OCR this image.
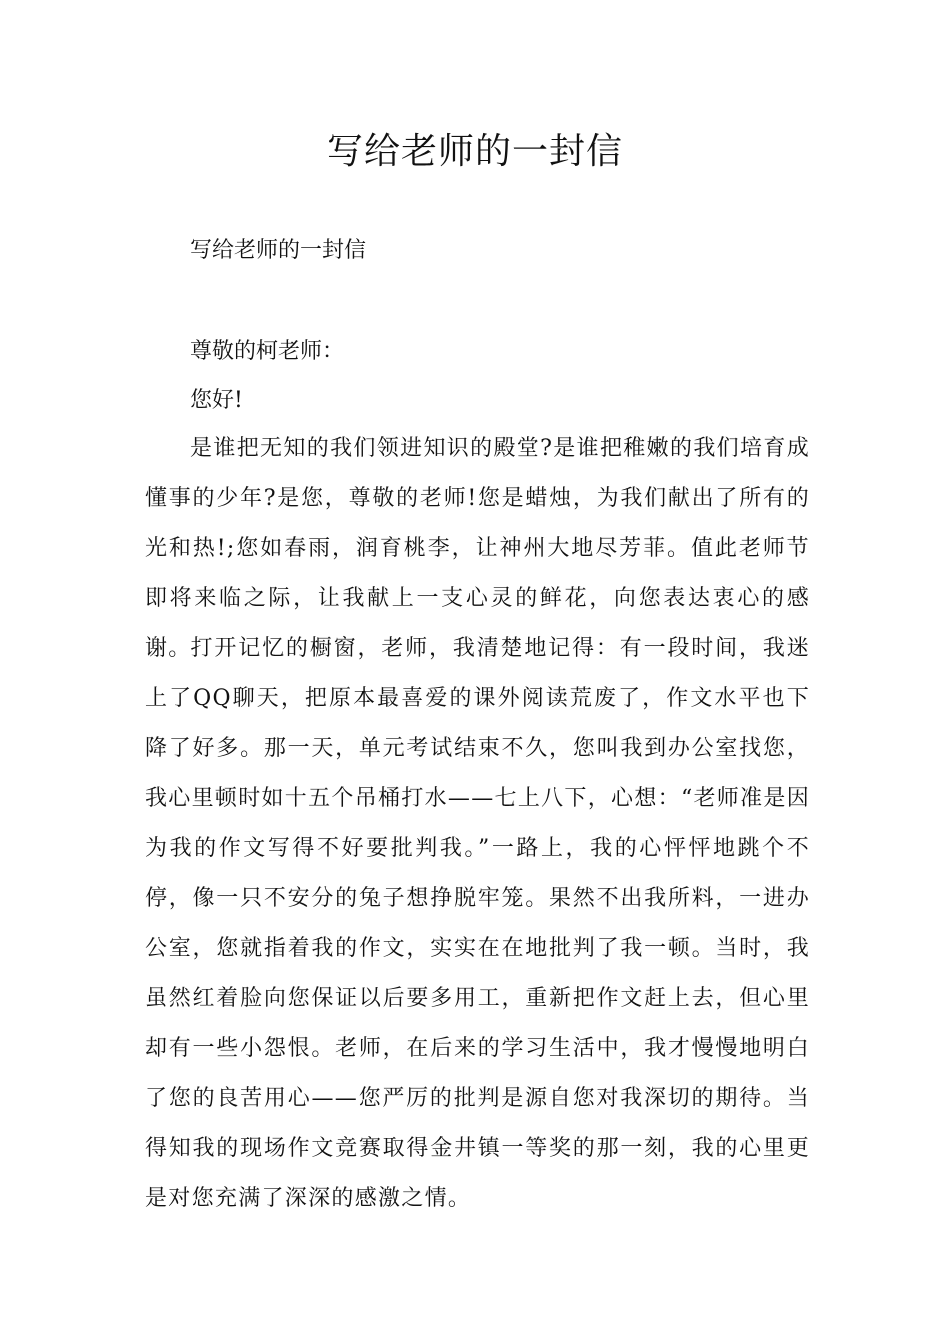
写给老师的一封信

写给老师的一封信

尊敬的柯老师：

您好!

是谁把无知的我们领进知识的殿堂?是谁把稚嫩的我们培育成懂事的少年?是您，尊敬的老师!您是蜡烛，为我们献出了所有的光和热!;您如春雨，润育桃李，让神州大地尽芳菲。值此老师节即将来临之际，让我献上一支心灵的鲜花，向您表达衷心的感谢。

打开记忆的橱窗，老师，我清楚地记得：有一段时间，我迷上了QQ聊天，把原本最喜爱的课外阅读荒废了，作文水平也下降了好多。那一天，单元考试结束不久，您叫我到办公室找您，我心里顿时如十五个吊桶打水——七上八下，心想：“老师准是因为我的作文写得不好要批判我。”一路上，我的心怦怦地跳个不停，像一只不安分的兔子想挣脱牢笼。果然不出我所料，一进办公室，您就指着我的作文，实实在在地批判了我一顿。当时，我虽然红着脸向您保证以后要多用工，重新把作文赶上去，但心里却有一些小怨恨。老师，在后来的学习生活中，我才慢慢地明白了您的良苦用心——您严厉的批判是源自您对我深切的期待。当得知我的现场作文竞赛取得金井镇一等奖的那一刻，我的心里更是对您充满了深深的感激之情。
